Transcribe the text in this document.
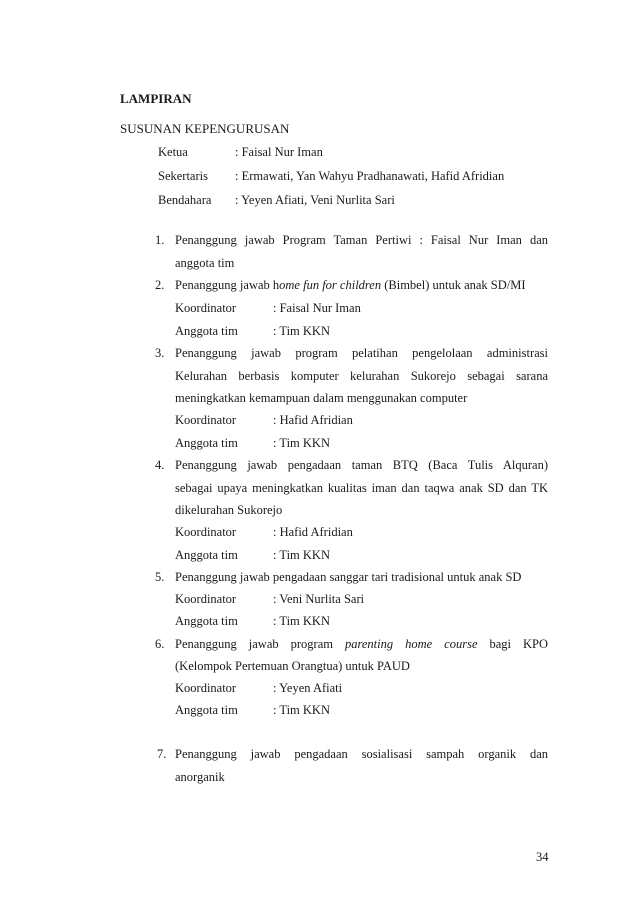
LAMPIRAN
SUSUNAN KEPENGURUSAN
Ketua	: Faisal Nur Iman
Sekertaris : Ermawati, Yan Wahyu Pradhanawati, Hafid Afridian
Bendahara : Yeyen Afiati, Veni Nurlita Sari
1. Penanggung jawab Program Taman Pertiwi : Faisal Nur Iman dan
anggota tim
2. Penanggung jawab home fun for children (Bimbel) untuk anak SD/MI
Koordinator	: Faisal Nur Iman
Anggota tim	: Tim KKN
3. Penanggung jawab program pelatihan pengelolaan administrasi
Kelurahan berbasis komputer kelurahan Sukorejo sebagai sarana
meningkatkan kemampuan dalam menggunakan computer
Koordinator	: Hafid Afridian
Anggota tim	: Tim KKN
4. Penanggung jawab pengadaan taman BTQ (Baca Tulis Alquran)
sebagai upaya meningkatkan kualitas iman dan taqwa anak SD dan TK
dikelurahan Sukorejo
Koordinator	: Hafid Afridian
Anggota tim	: Tim KKN
5. Penanggung jawab pengadaan sanggar tari tradisional untuk anak SD
Koordinator	: Veni Nurlita Sari
Anggota tim	: Tim KKN
6. Penanggung jawab program parenting home course bagi KPO
(Kelompok Pertemuan Orangtua) untuk PAUD
Koordinator	: Yeyen Afiati
Anggota tim	: Tim KKN
7. Penanggung jawab pengadaan sosialisasi sampah organik dan
anorganik
34
